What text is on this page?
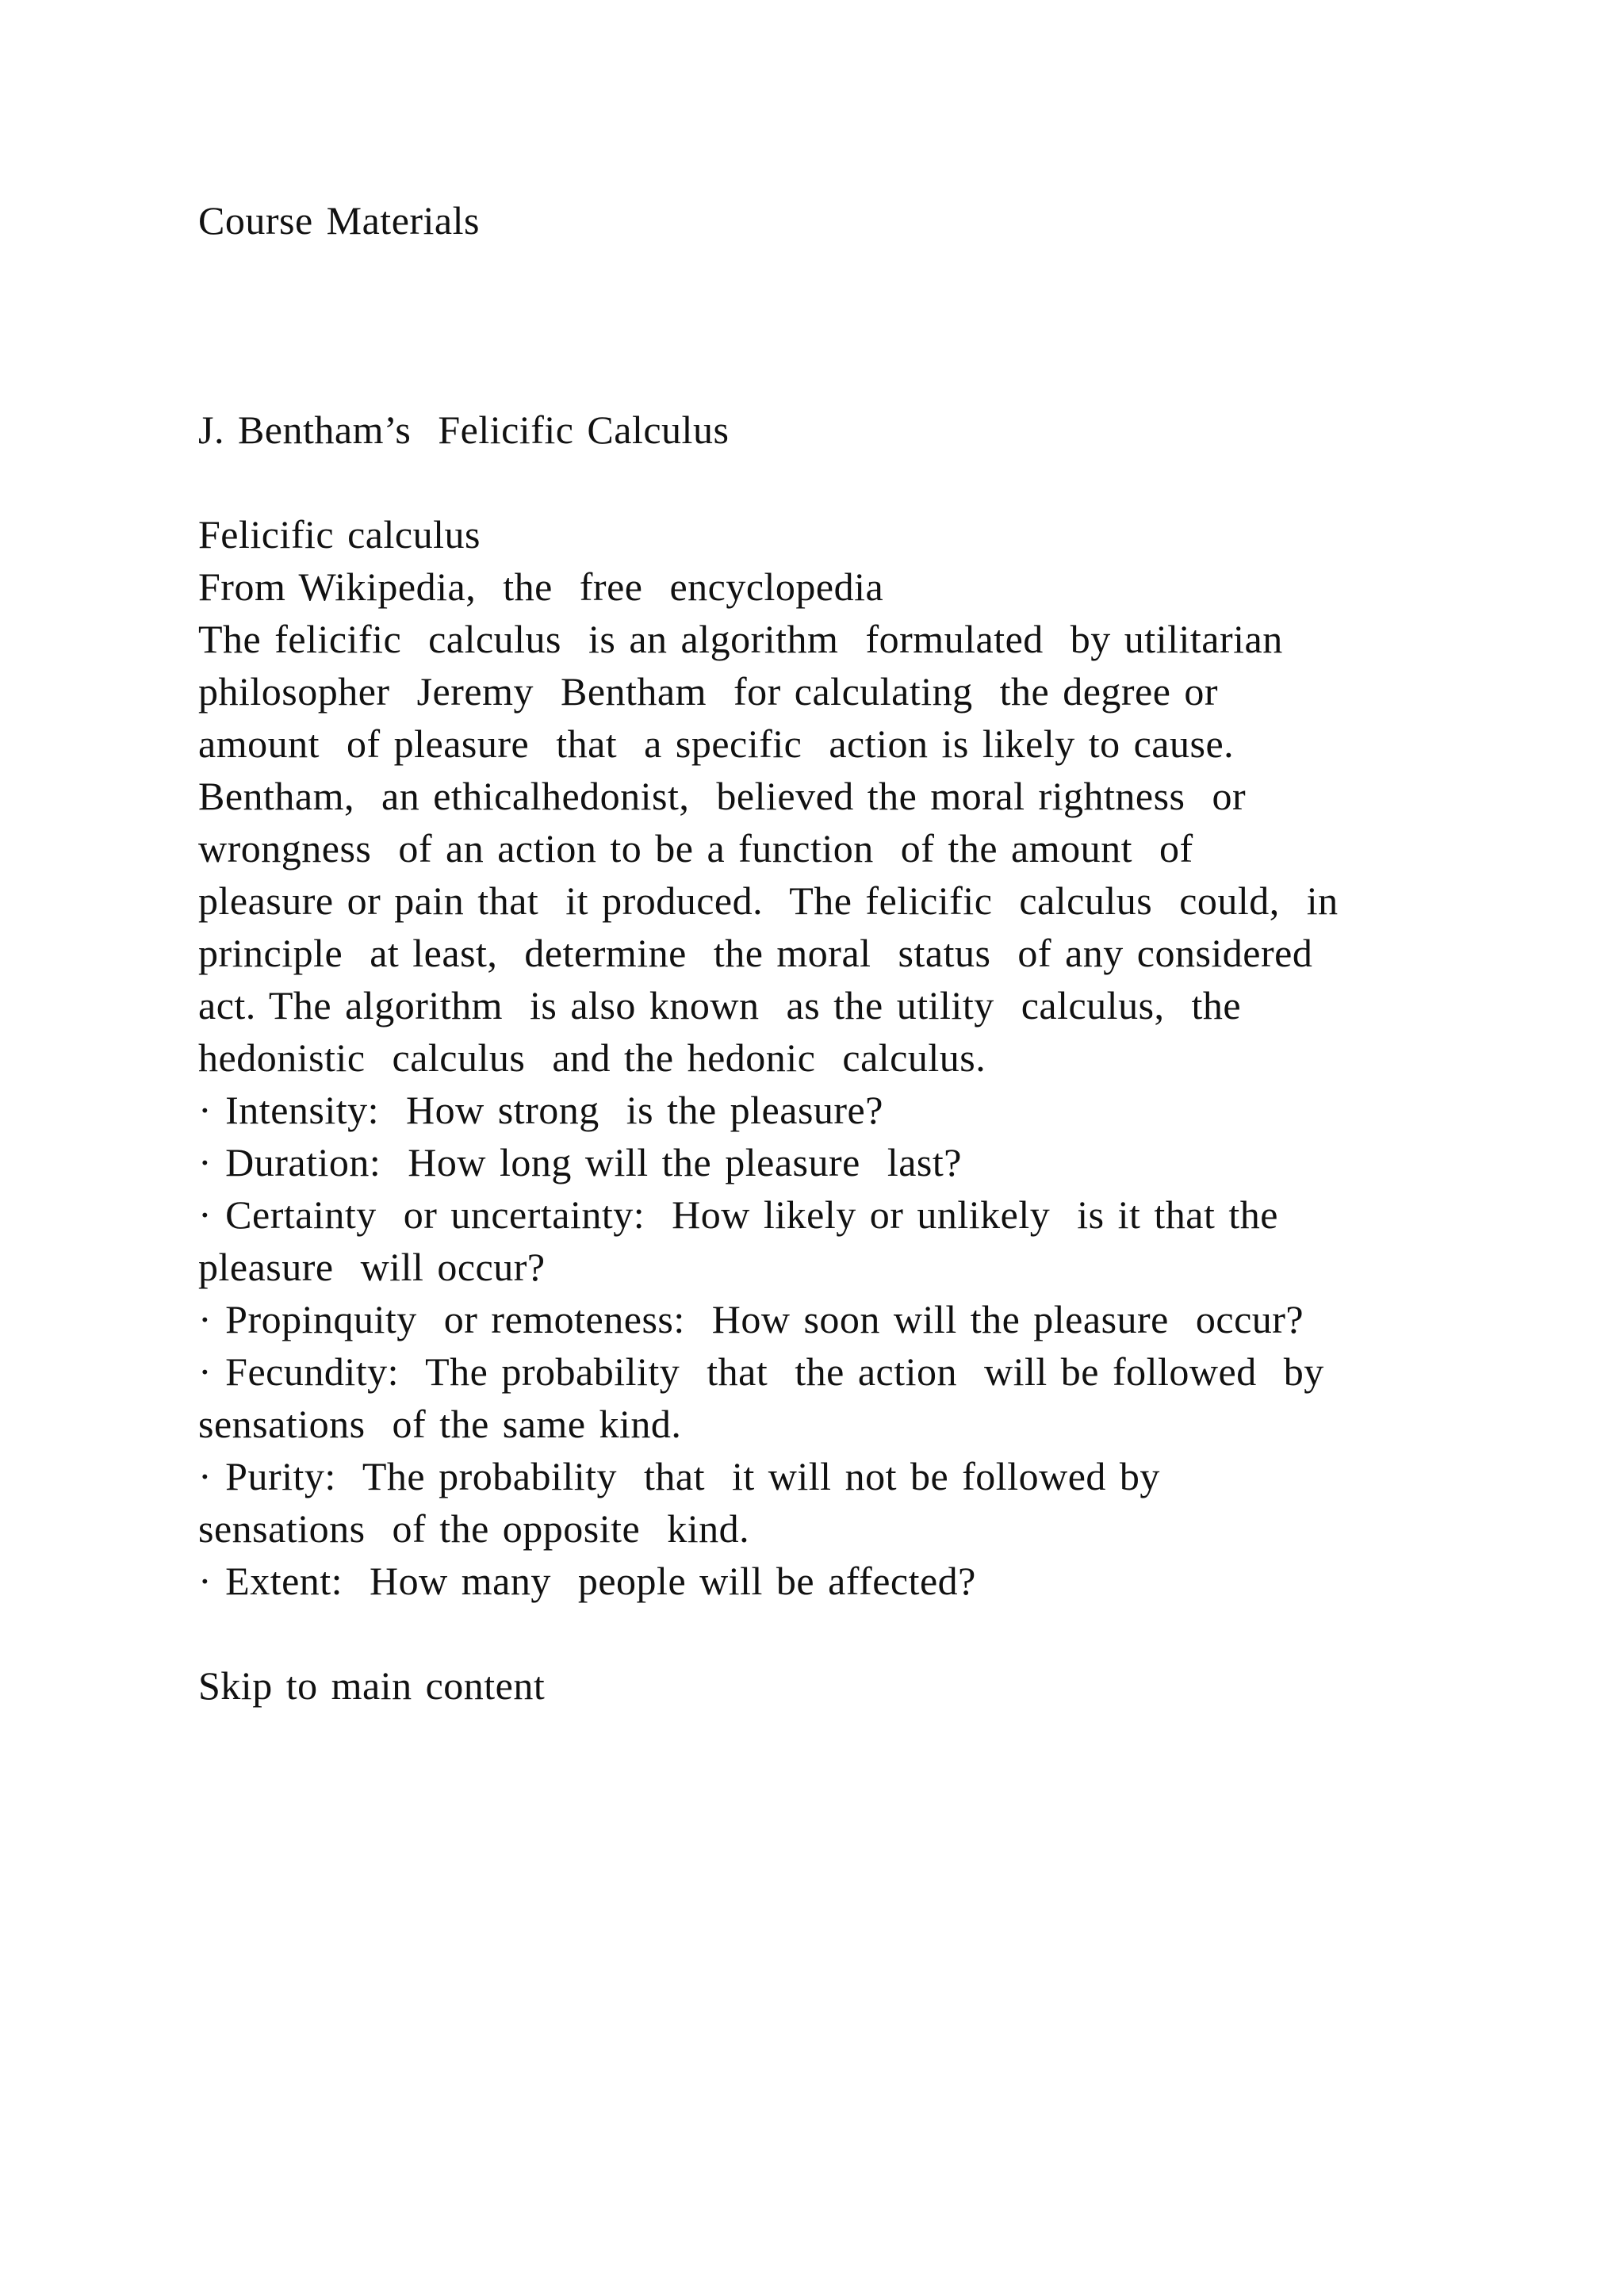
Course Materials
J. Bentham’s  Felicific Calculus
Felicific calculus
From Wikipedia,  the  free  encyclopedia
The felicific  calculus  is an algorithm  formulated  by utilitarian
philosopher  Jeremy  Bentham  for calculating  the degree or
amount  of pleasure  that  a specific  action is likely to cause.
Bentham,  an ethicalhedonist,  believed the moral rightness  or
wrongness  of an action to be a function  of the amount  of
pleasure or pain that  it produced.  The felicific  calculus  could,  in
principle  at least,  determine  the moral  status  of any considered
act. The algorithm  is also known  as the utility  calculus,  the
hedonistic  calculus  and the hedonic  calculus.
· Intensity:  How strong  is the pleasure?
· Duration:  How long will the pleasure  last?
· Certainty  or uncertainty:  How likely or unlikely  is it that the
pleasure  will occur?
· Propinquity  or remoteness:  How soon will the pleasure  occur?
· Fecundity:  The probability  that  the action  will be followed  by
sensations  of the same kind.
· Purity:  The probability  that  it will not be followed by
sensations  of the opposite  kind.
· Extent:  How many  people will be affected?
Skip to main content
